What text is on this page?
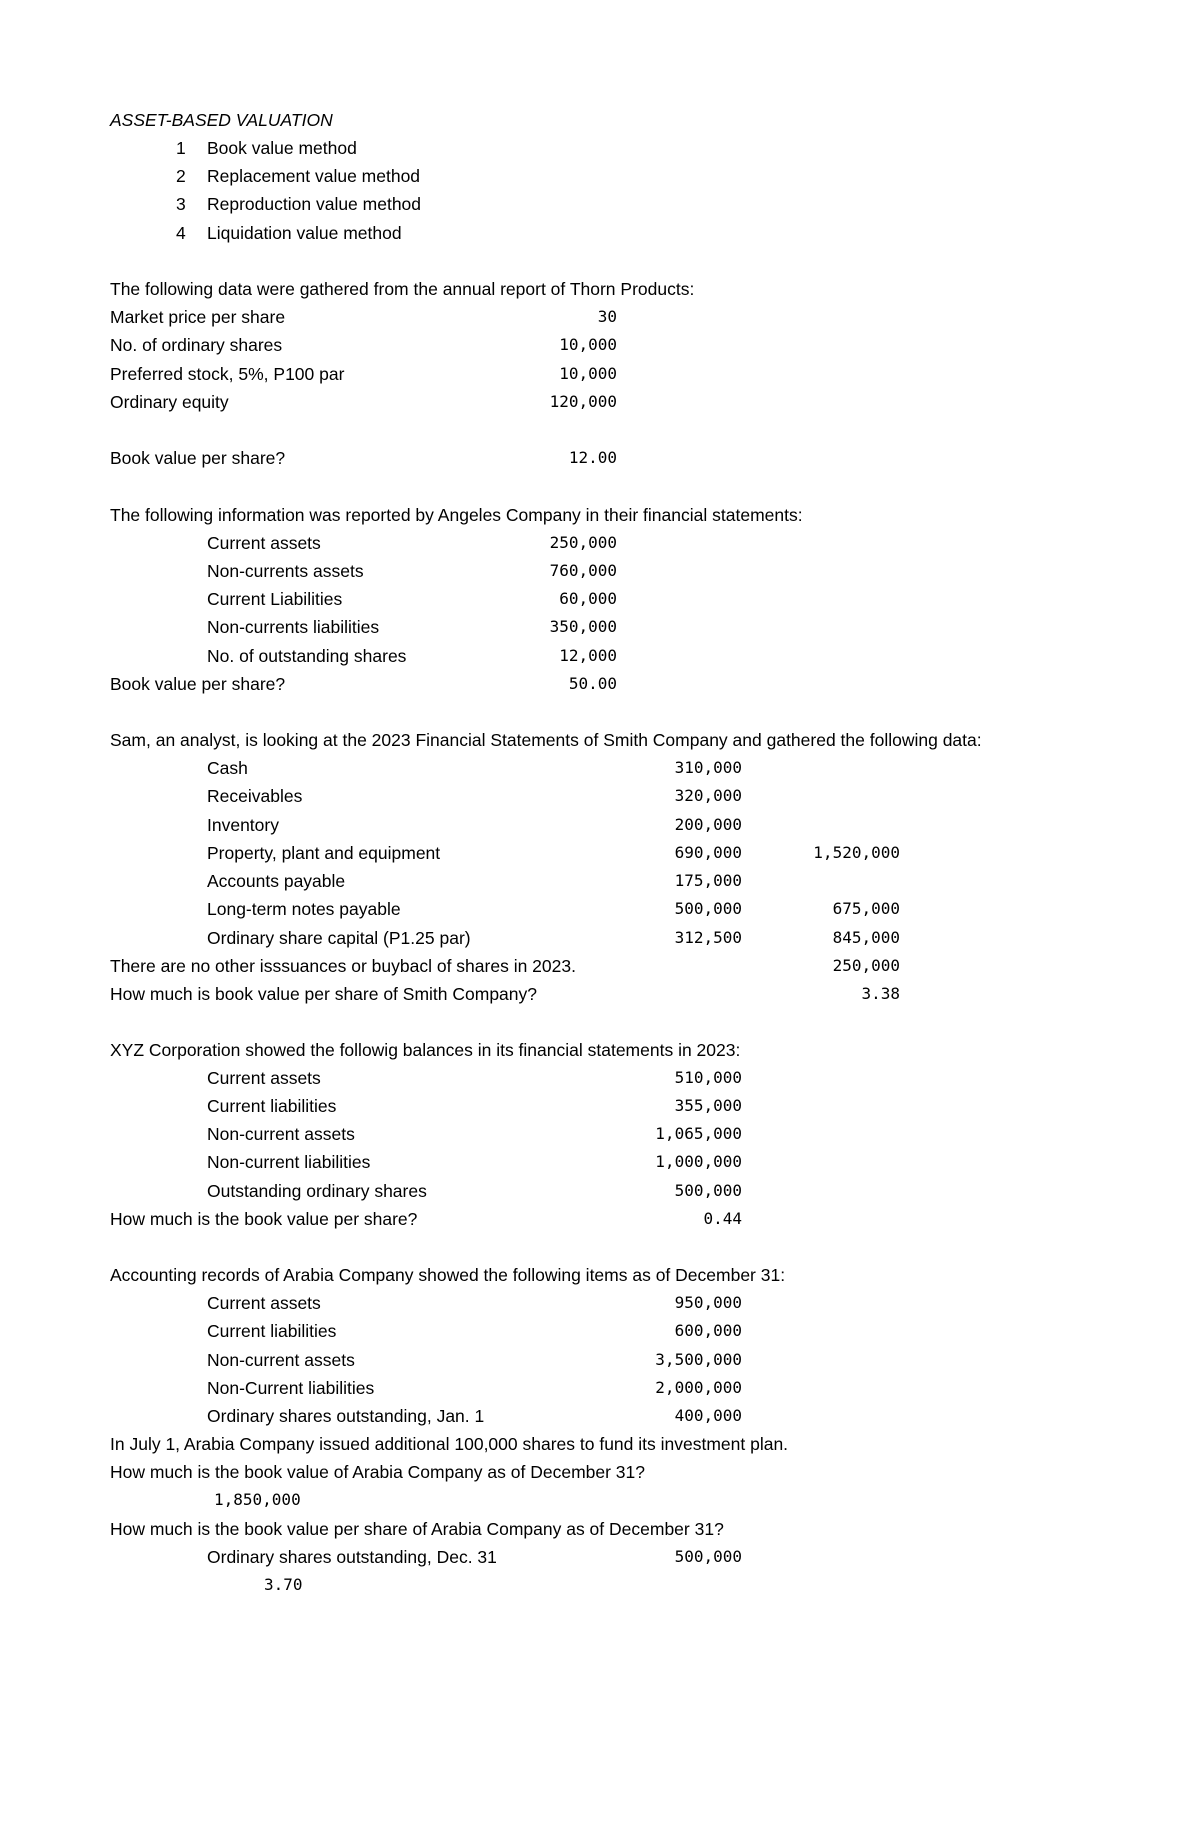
ASSET-BASED VALUATION
1 Book value method
2 Replacement value method
3 Reproduction value method
4 Liquidation value method
The following data were gathered from the annual report of Thorn Products:
Market price per share	30
No. of ordinary shares	10,000
Preferred stock, 5%, P100 par	10,000
Ordinary equity	120,000
Book value per share?	12.00
The following information was reported by Angeles Company in their financial statements:
Current assets	250,000
Non-currents assets	760,000
Current Liabilities	60,000
Non-currents liabilities	350,000
No. of outstanding shares	12,000
Book value per share?	50.00
Sam, an analyst, is looking at the 2023 Financial Statements of Smith Company and gathered the following data:
Cash	310,000
Receivables	320,000
Inventory	200,000
Property, plant and equipment	690,000	1,520,000
Accounts payable	175,000
Long-term notes payable	500,000	675,000
Ordinary share capital (P1.25 par)	312,500	845,000
There are no other isssuances or buybacl of shares in 2023.	250,000
How much is book value per share of Smith Company?	3.38
XYZ Corporation showed the followig balances in its financial statements in 2023:
Current assets	510,000
Current liabilities	355,000
Non-current assets	1,065,000
Non-current liabilities	1,000,000
Outstanding ordinary shares	500,000
How much is the book value per share?	0.44
Accounting records of Arabia Company showed the following items as of December 31:
Current assets	950,000
Current liabilities	600,000
Non-current assets	3,500,000
Non-Current liabilities	2,000,000
Ordinary shares outstanding, Jan. 1	400,000
In July 1, Arabia Company issued additional 100,000 shares to fund its investment plan.
How much is the book value of Arabia Company as of December 31?
1,850,000
How much is the book value per share of Arabia Company as of December 31?
Ordinary shares outstanding, Dec. 31	500,000
3.70
